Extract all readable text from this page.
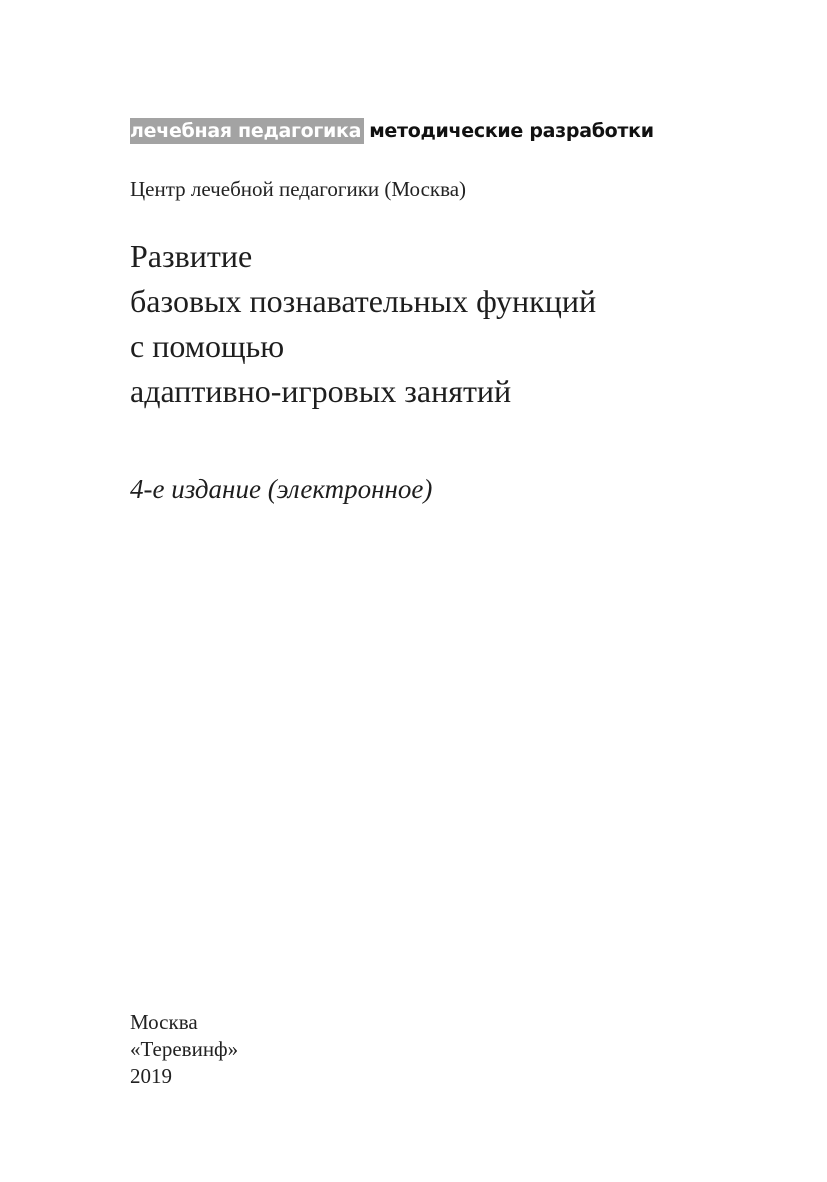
лечебная педагогика методические разработки
Центр лечебной педагогики (Москва)
Развитие
базовых познавательных функций
с помощью
адаптивно-игровых занятий
4-е издание (электронное)
Москва
«Теревинф»
2019
